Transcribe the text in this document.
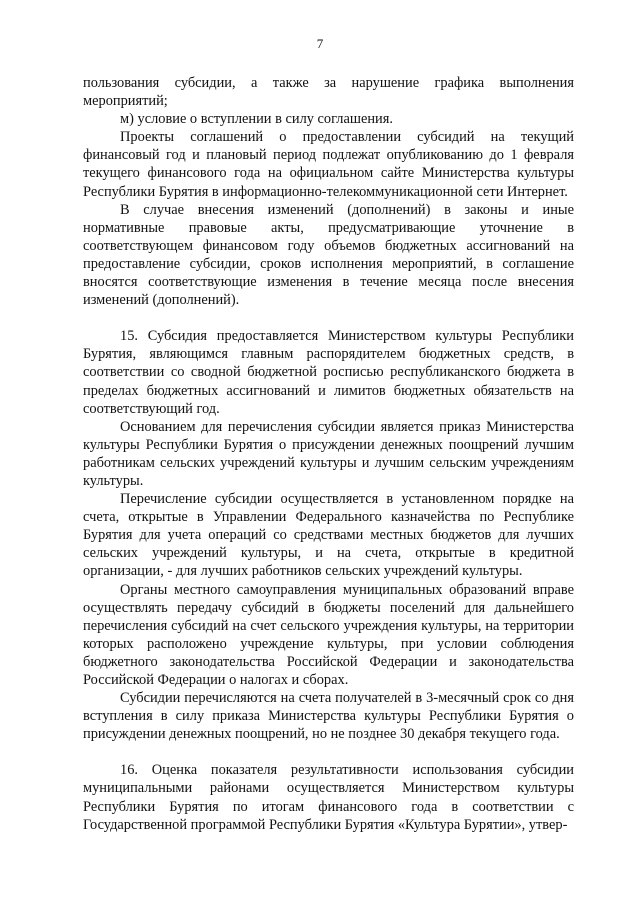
7

пользования субсидии, а также за нарушение графика выполнения мероприятий;

м) условие о вступлении в силу соглашения.

Проекты соглашений о предоставлении субсидий на текущий финансовый год и плановый период подлежат опубликованию до 1 февраля текущего финансового года на официальном сайте Министерства культуры Республики Бурятия в информационно-телекоммуникационной сети Интернет.

В случае внесения изменений (дополнений) в законы и иные нормативные правовые акты, предусматривающие уточнение в соответствующем финансовом году объемов бюджетных ассигнований на предоставление субсидии, сроков исполнения мероприятий, в соглашение вносятся соответствующие изменения в течение месяца после внесения изменений (дополнений).

15. Субсидия предоставляется Министерством культуры Республики Бурятия, являющимся главным распорядителем бюджетных средств, в соответствии со сводной бюджетной росписью республиканского бюджета в пределах бюджетных ассигнований и лимитов бюджетных обязательств на соответствующий год.

Основанием для перечисления субсидии является приказ Министерства культуры Республики Бурятия о присуждении денежных поощрений лучшим работникам сельских учреждений культуры и лучшим сельским учреждениям культуры.

Перечисление субсидии осуществляется в установленном порядке на счета, открытые в Управлении Федерального казначейства по Республике Бурятия для учета операций со средствами местных бюджетов для лучших сельских учреждений культуры, и на счета, открытые в кредитной организации, - для лучших работников сельских учреждений культуры.

Органы местного самоуправления муниципальных образований вправе осуществлять передачу субсидий в бюджеты поселений для дальнейшего перечисления субсидий на счет сельского учреждения культуры, на территории которых расположено учреждение культуры, при условии соблюдения бюджетного законодательства Российской Федерации и законодательства Российской Федерации о налогах и сборах.

Субсидии перечисляются на счета получателей в 3-месячный срок со дня вступления в силу приказа Министерства культуры Республики Бурятия о присуждении денежных поощрений, но не позднее 30 декабря текущего года.

16. Оценка показателя результативности использования субсидии муниципальными районами осуществляется Министерством культуры Республики Бурятия по итогам финансового года в соответствии с Государственной программой Республики Бурятия «Культура Бурятии», утвер-
